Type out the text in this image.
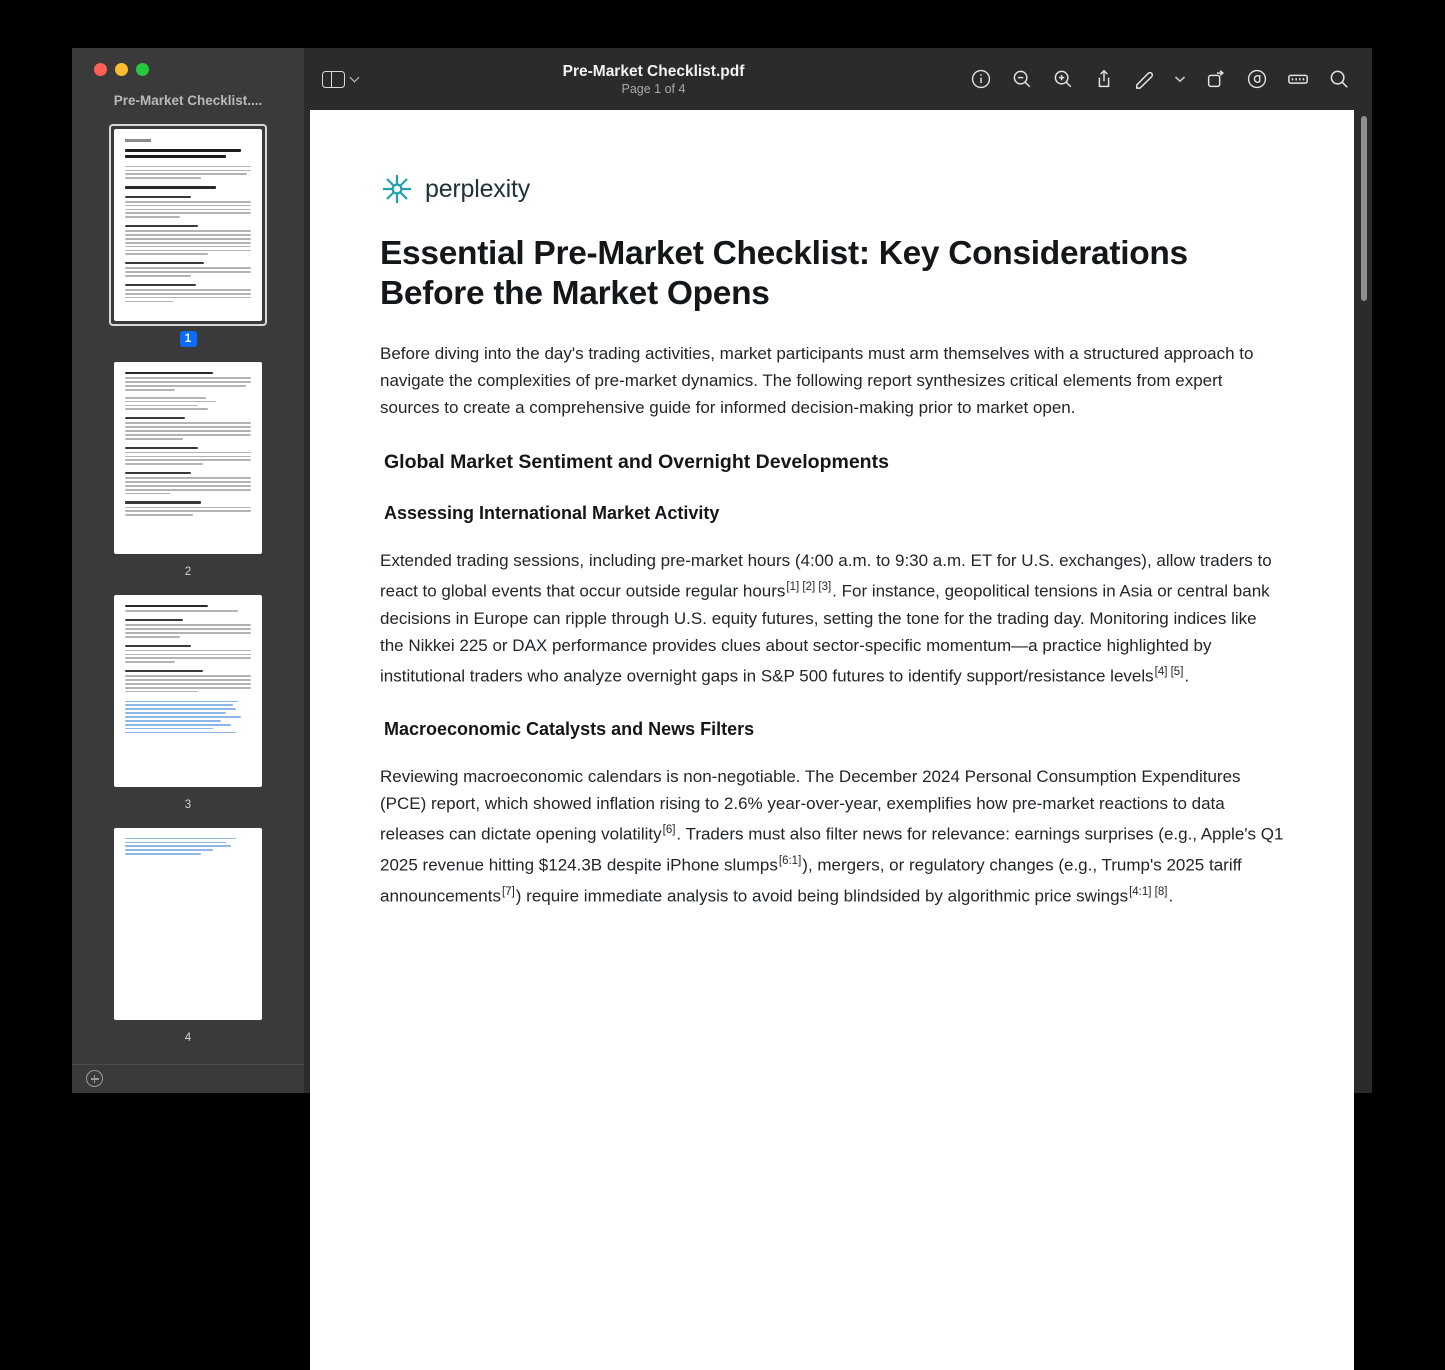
Pre-Market Checklist....
1
2
3
4
Pre-Market Checklist.pdf
Page 1 of 4
perplexity
Essential Pre-Market Checklist: Key Considerations Before the Market Opens

Before diving into the day's trading activities, market participants must arm themselves with a structured approach to navigate the complexities of pre-market dynamics. The following report synthesizes critical elements from expert sources to create a comprehensive guide for informed decision-making prior to market open.

Global Market Sentiment and Overnight Developments
Assessing International Market Activity

Extended trading sessions, including pre-market hours (4:00 a.m. to 9:30 a.m. ET for U.S. exchanges), allow traders to react to global events that occur outside regular hours[1] [2] [3]. For instance, geopolitical tensions in Asia or central bank decisions in Europe can ripple through U.S. equity futures, setting the tone for the trading day. Monitoring indices like the Nikkei 225 or DAX performance provides clues about sector-specific momentum—a practice highlighted by institutional traders who analyze overnight gaps in S&P 500 futures to identify support/resistance levels[4] [5].

Macroeconomic Catalysts and News Filters

Reviewing macroeconomic calendars is non-negotiable. The December 2024 Personal Consumption Expenditures (PCE) report, which showed inflation rising to 2.6% year-over-year, exemplifies how pre-market reactions to data releases can dictate opening volatility[6]. Traders must also filter news for relevance: earnings surprises (e.g., Apple's Q1 2025 revenue hitting $124.3B despite iPhone slumps[6:1]), mergers, or regulatory changes (e.g., Trump's 2025 tariff announcements[7]) require immediate analysis to avoid being blindsided by algorithmic price swings[4:1] [8].
